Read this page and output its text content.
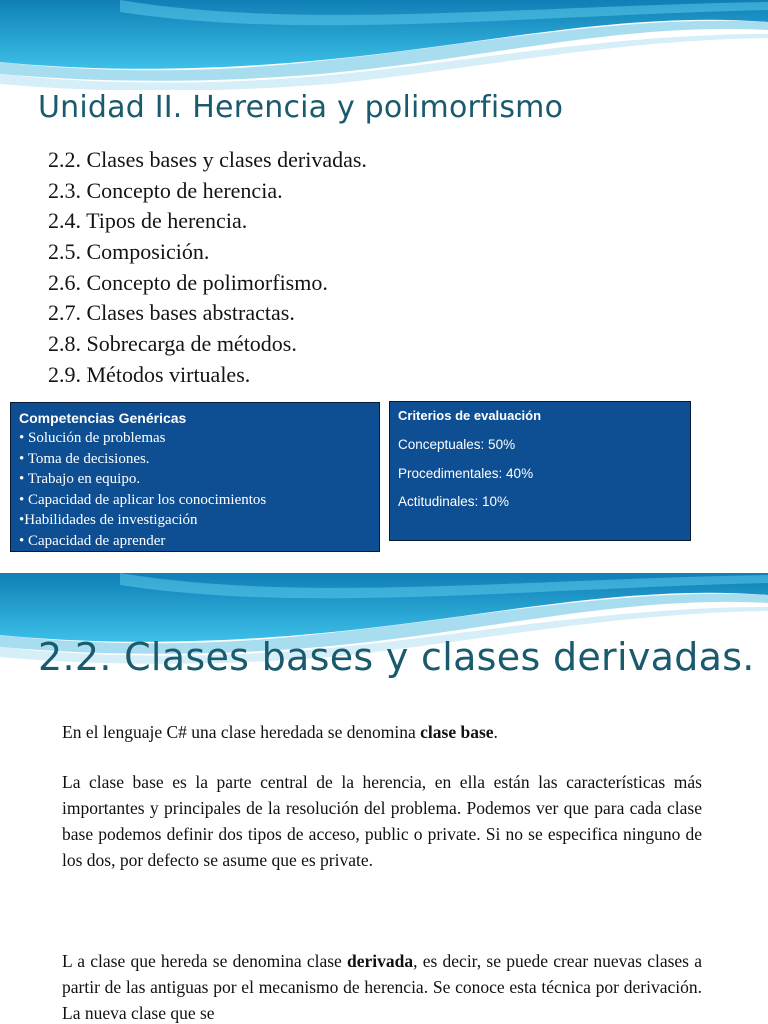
Unidad II. Herencia y polimorfismo
2.2. Clases bases y clases derivadas.
2.3. Concepto de herencia.
2.4. Tipos de herencia.
2.5. Composición.
2.6. Concepto de polimorfismo.
2.7. Clases bases abstractas.
2.8. Sobrecarga de métodos.
2.9. Métodos virtuales.
Competencias Genéricas
• Solución de problemas
• Toma de decisiones.
• Trabajo en equipo.
• Capacidad de aplicar los conocimientos
•Habilidades de investigación
• Capacidad de aprender
Criterios de evaluación
Conceptuales: 50%
Procedimentales: 40%
Actitudinales: 10%
2.2. Clases bases y clases derivadas.

En el lenguaje C# una clase heredada se denomina clase base.

La clase base es la parte central de la herencia, en ella están las características más importantes y principales de la resolución del problema. Podemos ver que para cada clase base podemos definir dos tipos de acceso, public o private. Si no se especifica ninguno de los dos, por defecto se asume que es private.

L a clase que hereda se denomina clase derivada, es decir, se puede crear nuevas clases a partir de las antiguas por el mecanismo de herencia. Se conoce esta técnica por derivación. La nueva clase que se
